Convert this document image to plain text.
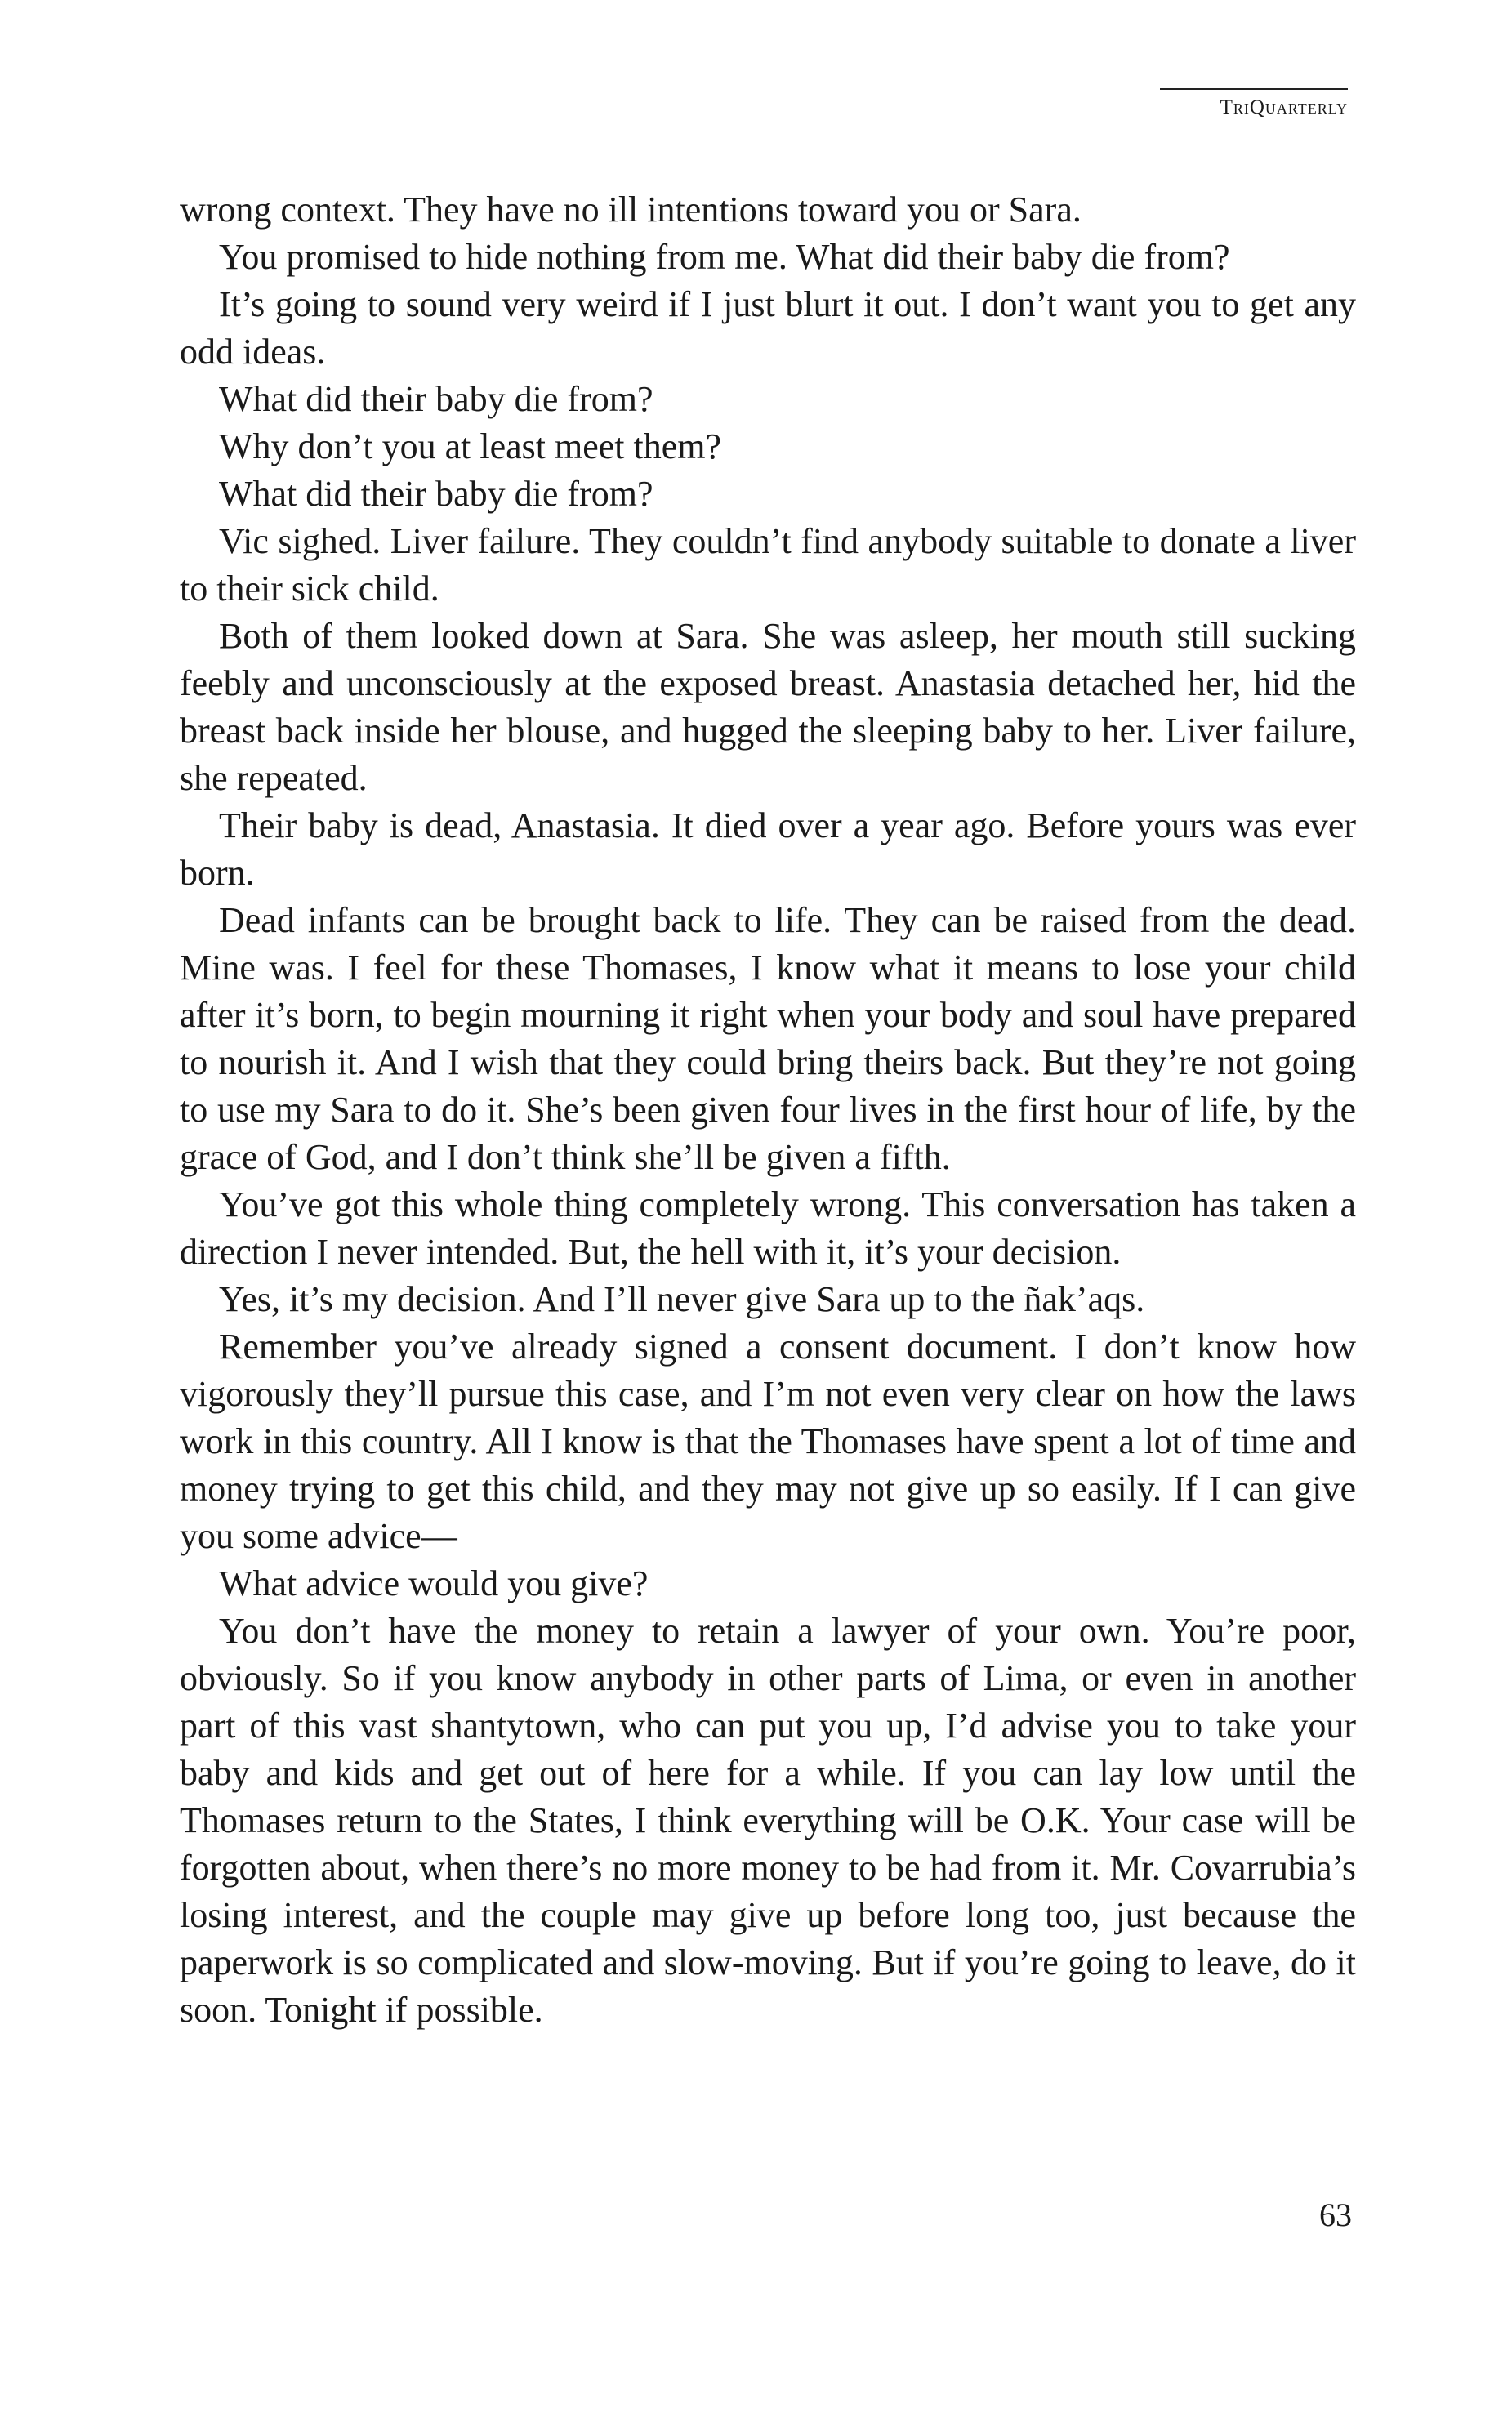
TriQuarterly

wrong context. They have no ill intentions toward you or Sara.

You promised to hide nothing from me. What did their baby die from?

It’s going to sound very weird if I just blurt it out. I don’t want you to get any odd ideas.

What did their baby die from?

Why don’t you at least meet them?

What did their baby die from?

Vic sighed. Liver failure. They couldn’t find anybody suitable to donate a liver to their sick child.

Both of them looked down at Sara. She was asleep, her mouth still sucking feebly and unconsciously at the exposed breast. Anastasia detached her, hid the breast back inside her blouse, and hugged the sleeping baby to her. Liver failure, she repeated.

Their baby is dead, Anastasia. It died over a year ago. Before yours was ever born.

Dead infants can be brought back to life. They can be raised from the dead. Mine was. I feel for these Thomases, I know what it means to lose your child after it’s born, to begin mourning it right when your body and soul have prepared to nourish it. And I wish that they could bring theirs back. But they’re not going to use my Sara to do it. She’s been given four lives in the first hour of life, by the grace of God, and I don’t think she’ll be given a fifth.

You’ve got this whole thing completely wrong. This conversation has taken a direction I never intended. But, the hell with it, it’s your decision.

Yes, it’s my decision. And I’ll never give Sara up to the ñak’aqs.

Remember you’ve already signed a consent document. I don’t know how vigorously they’ll pursue this case, and I’m not even very clear on how the laws work in this country. All I know is that the Thomases have spent a lot of time and money trying to get this child, and they may not give up so easily. If I can give you some advice—

What advice would you give?

You don’t have the money to retain a lawyer of your own. You’re poor, obviously. So if you know anybody in other parts of Lima, or even in another part of this vast shantytown, who can put you up, I’d advise you to take your baby and kids and get out of here for a while. If you can lay low until the Thomases return to the States, I think everything will be O.K. Your case will be forgotten about, when there’s no more money to be had from it. Mr. Covarrubia’s losing interest, and the couple may give up before long too, just because the paperwork is so complicated and slow-moving. But if you’re going to leave, do it soon. Tonight if possible.

63
